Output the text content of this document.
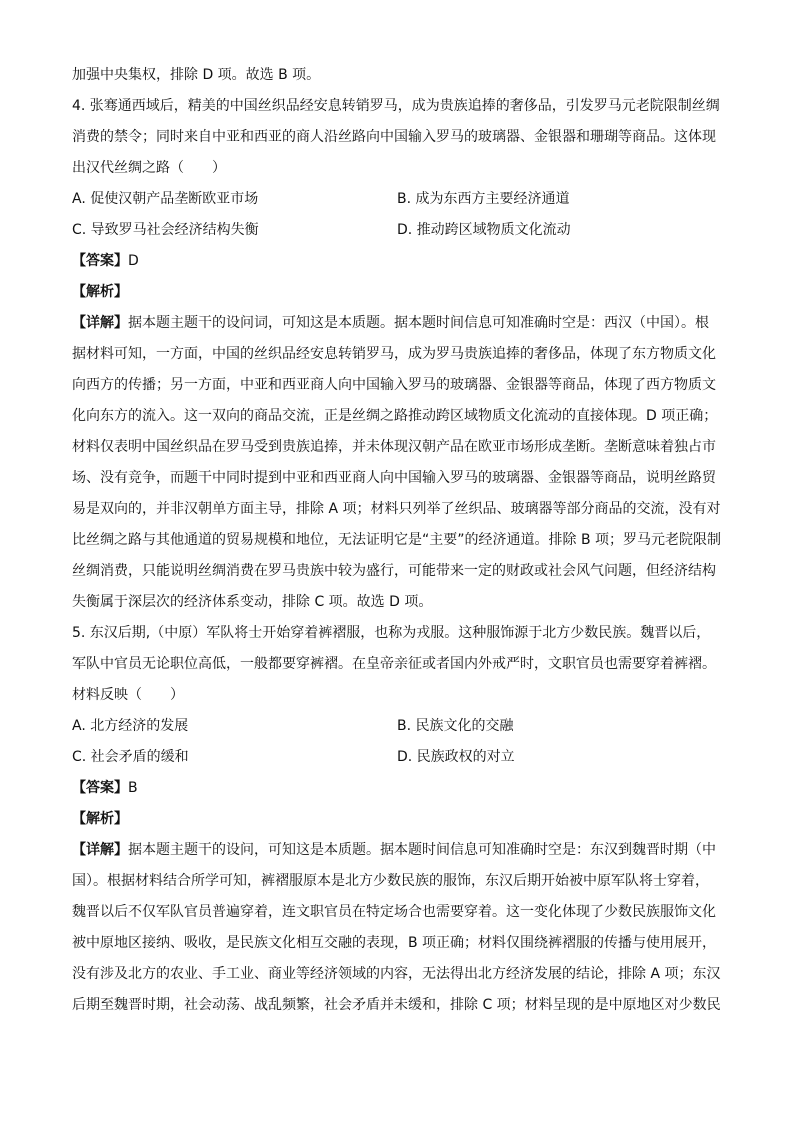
加强中央集权，排除 D 项。故选 B 项。

4. 张骞通西域后，精美的中国丝织品经安息转销罗马，成为贵族追捧的奢侈品，引发罗马元老院限制丝绸消费的禁令；同时来自中亚和西亚的商人沿丝路向中国输入罗马的玻璃器、金银器和珊瑚等商品。这体现出汉代丝绸之路（　　）

A. 促使汉朝产品垄断欧亚市场	B. 成为东西方主要经济通道

C. 导致罗马社会经济结构失衡	D. 推动跨区域物质文化流动

【答案】D

【解析】

【详解】据本题主题干的设问词，可知这是本质题。据本题时间信息可知准确时空是：西汉（中国）。根据材料可知，一方面，中国的丝织品经安息转销罗马，成为罗马贵族追捧的奢侈品，体现了东方物质文化向西方的传播；另一方面，中亚和西亚商人向中国输入罗马的玻璃器、金银器等商品，体现了西方物质文化向东方的流入。这一双向的商品交流，正是丝绸之路推动跨区域物质文化流动的直接体现。D 项正确；材料仅表明中国丝织品在罗马受到贵族追捧，并未体现汉朝产品在欧亚市场形成垄断。垄断意味着独占市场、没有竞争，而题干中同时提到中亚和西亚商人向中国输入罗马的玻璃器、金银器等商品，说明丝路贸易是双向的，并非汉朝单方面主导，排除 A 项；材料只列举了丝织品、玻璃器等部分商品的交流，没有对比丝绸之路与其他通道的贸易规模和地位，无法证明它是“主要”的经济通道。排除 B 项；罗马元老院限制丝绸消费，只能说明丝绸消费在罗马贵族中较为盛行，可能带来一定的财政或社会风气问题，但经济结构失衡属于深层次的经济体系变动，排除 C 项。故选 D 项。

5. 东汉后期,（中原）军队将士开始穿着裤褶服，也称为戎服。这种服饰源于北方少数民族。魏晋以后，军队中官员无论职位高低，一般都要穿裤褶。在皇帝亲征或者国内外戒严时，文职官员也需要穿着裤褶。材料反映（　　）

A. 北方经济的发展	B. 民族文化的交融

C. 社会矛盾的缓和	D. 民族政权的对立

【答案】B

【解析】

【详解】据本题主题干的设问，可知这是本质题。据本题时间信息可知准确时空是：东汉到魏晋时期（中国）。根据材料结合所学可知，裤褶服原本是北方少数民族的服饰，东汉后期开始被中原军队将士穿着，魏晋以后不仅军队官员普遍穿着，连文职官员在特定场合也需要穿着。这一变化体现了少数民族服饰文化被中原地区接纳、吸收，是民族文化相互交融的表现，B 项正确；材料仅围绕裤褶服的传播与使用展开，没有涉及北方的农业、手工业、商业等经济领域的内容，无法得出北方经济发展的结论，排除 A 项；东汉后期至魏晋时期，社会动荡、战乱频繁，社会矛盾并未缓和，排除 C 项；材料呈现的是中原地区对少数民
